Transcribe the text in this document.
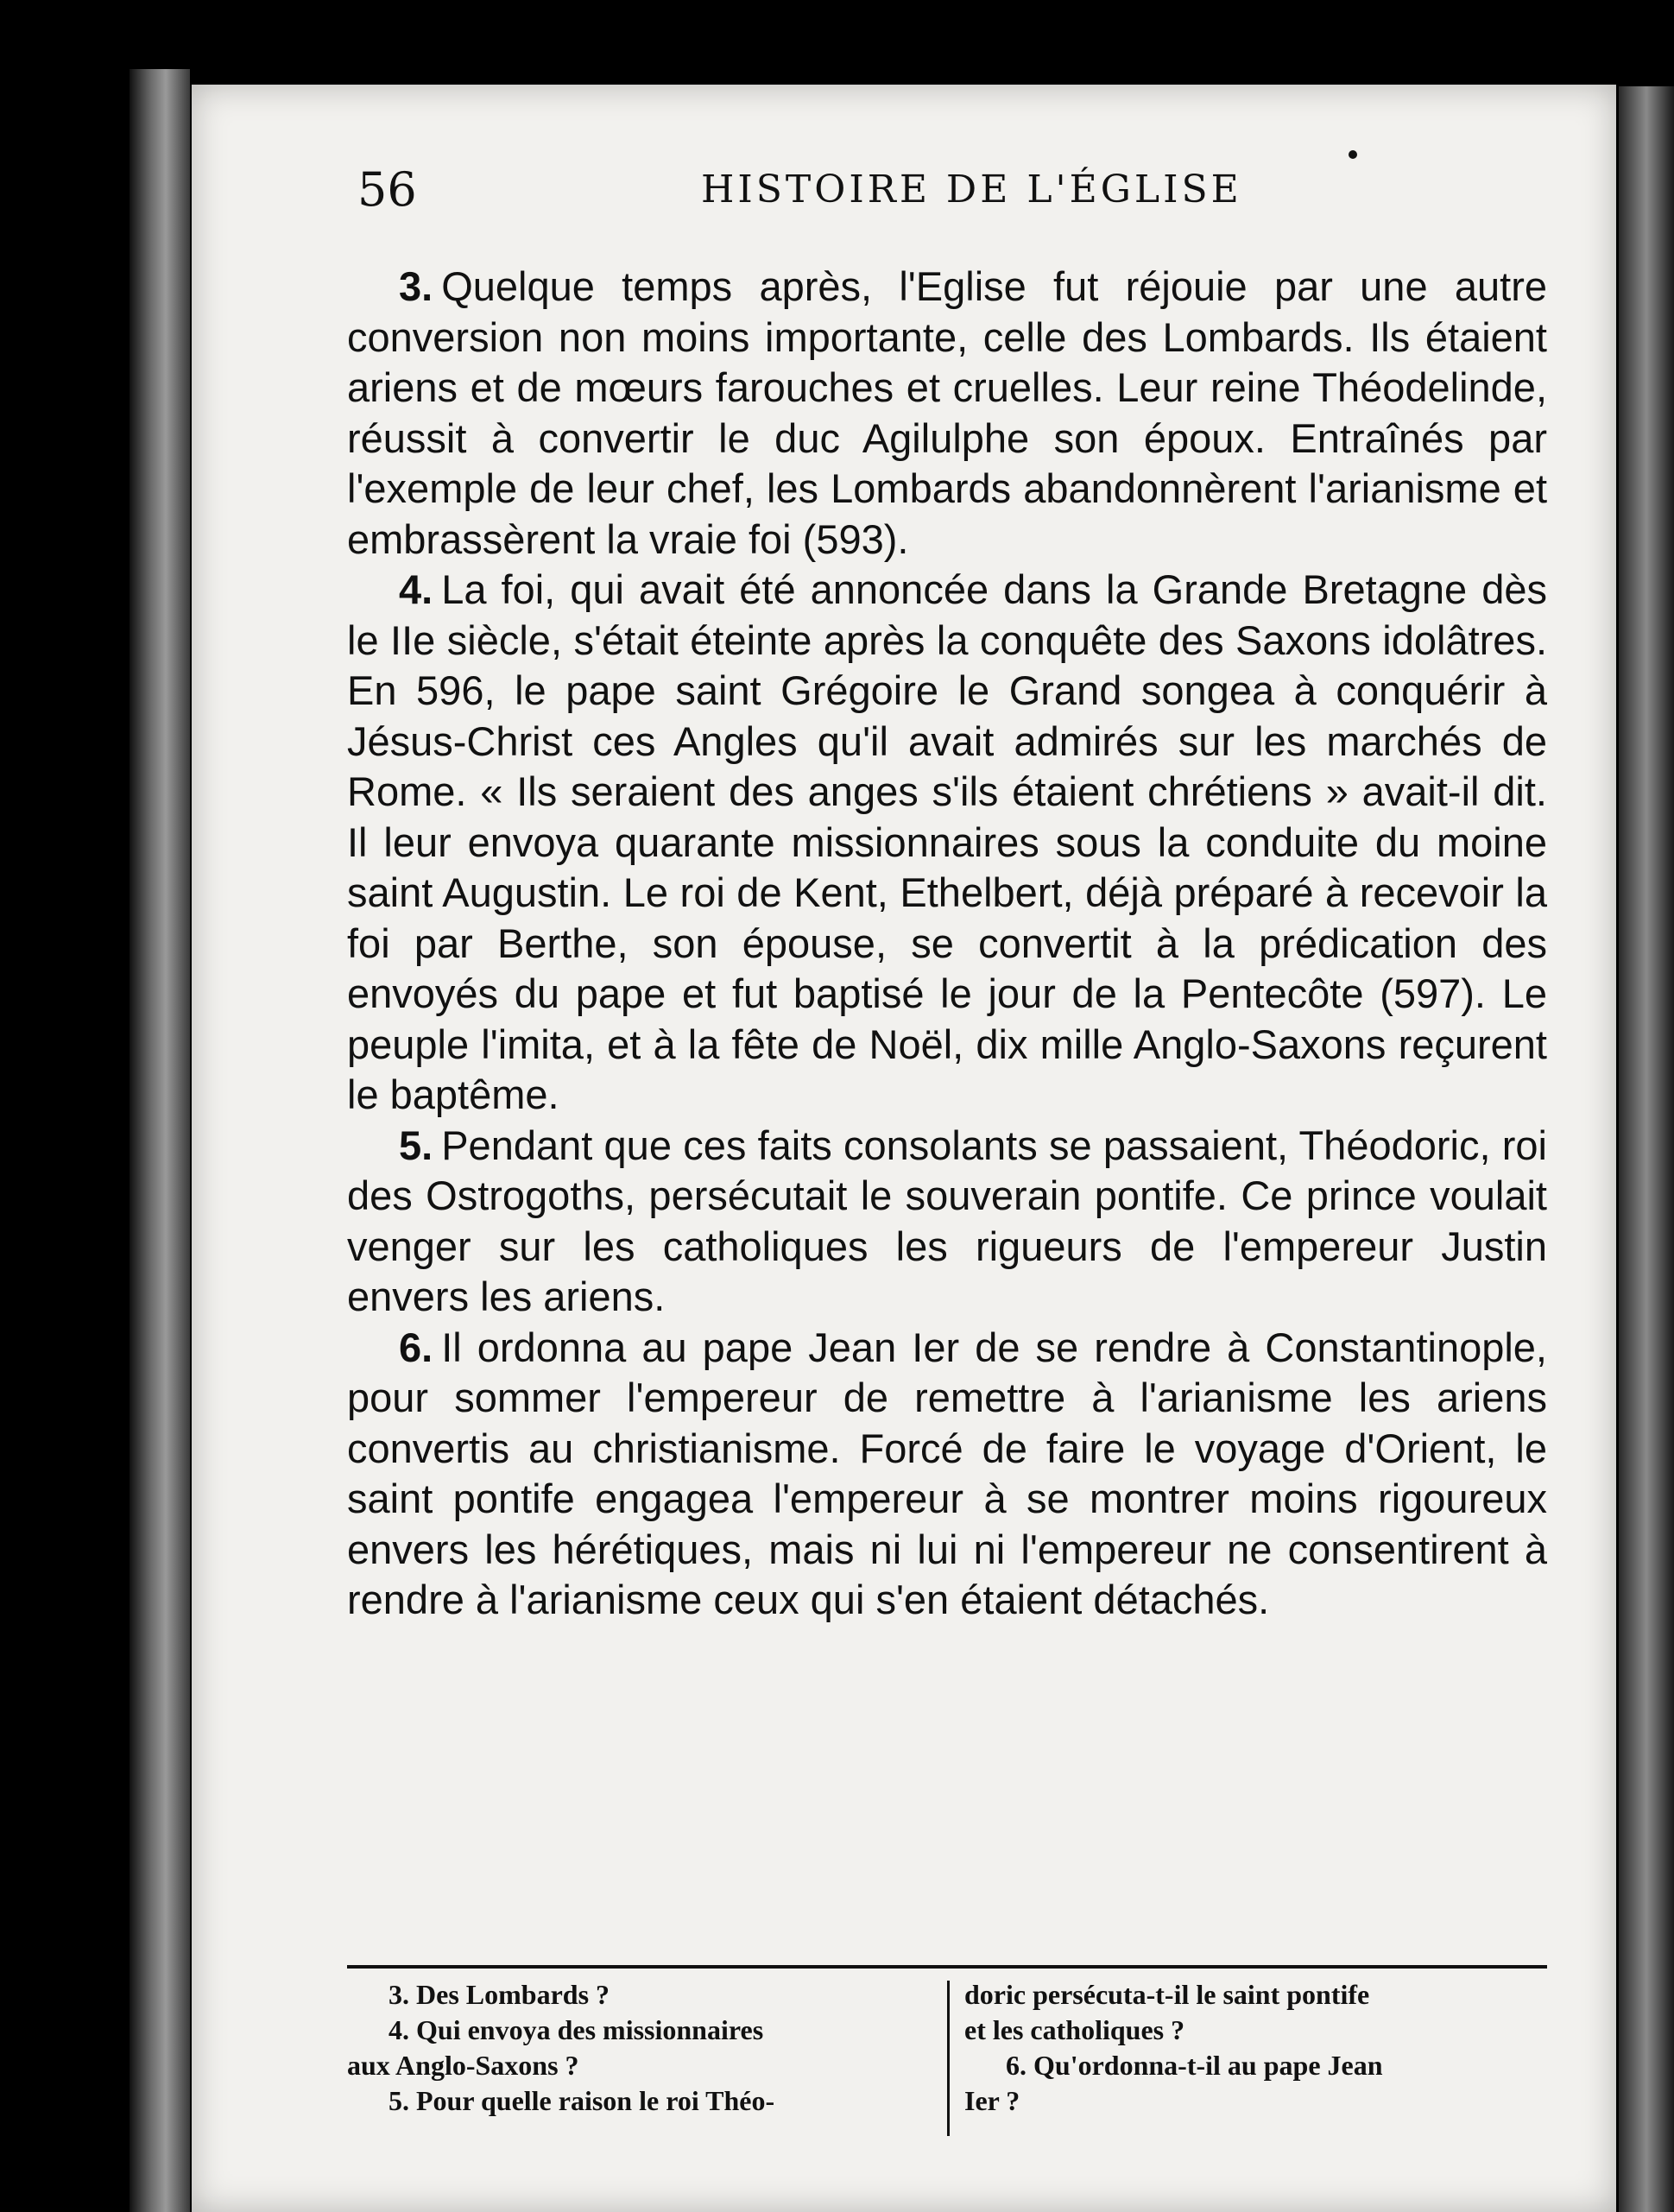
56	HISTOIRE DE L'ÉGLISE

3. Quelque temps après, l'Eglise fut réjouie par une autre conversion non moins importante, celle des Lombards. Ils étaient ariens et de mœurs farouches et cruelles. Leur reine Théodelinde, réussit à convertir le duc Agilulphe son époux. Entraînés par l'exemple de leur chef, les Lombards abandonnèrent l'arianisme et embrassèrent la vraie foi (593).

4. La foi, qui avait été annoncée dans la Grande Bretagne dès le IIe siècle, s'était éteinte après la conquête des Saxons idolâtres. En 596, le pape saint Grégoire le Grand songea à conquérir à Jésus-Christ ces Angles qu'il avait admirés sur les marchés de Rome. « Ils seraient des anges s'ils étaient chrétiens » avait-il dit. Il leur envoya quarante missionnaires sous la conduite du moine saint Augustin. Le roi de Kent, Ethelbert, déjà préparé à recevoir la foi par Berthe, son épouse, se convertit à la prédication des envoyés du pape et fut baptisé le jour de la Pentecôte (597). Le peuple l'imita, et à la fête de Noël, dix mille Anglo-Saxons reçurent le baptême.

5. Pendant que ces faits consolants se passaient, Théodoric, roi des Ostrogoths, persécutait le souverain pontife. Ce prince voulait venger sur les catholiques les rigueurs de l'empereur Justin envers les ariens.

6. Il ordonna au pape Jean Ier de se rendre à Constantinople, pour sommer l'empereur de remettre à l'arianisme les ariens convertis au christianisme. Forcé de faire le voyage d'Orient, le saint pontife engagea l'empereur à se montrer moins rigoureux envers les hérétiques, mais ni lui ni l'empereur ne consentirent à rendre à l'arianisme ceux qui s'en étaient détachés.

3. Des Lombards ?

4. Qui envoya des missionnaires

aux Anglo-Saxons ?

5. Pour quelle raison le roi Théo-

doric persécuta-t-il le saint pontife

et les catholiques ?

6. Qu'ordonna-t-il au pape Jean

Ier ?
